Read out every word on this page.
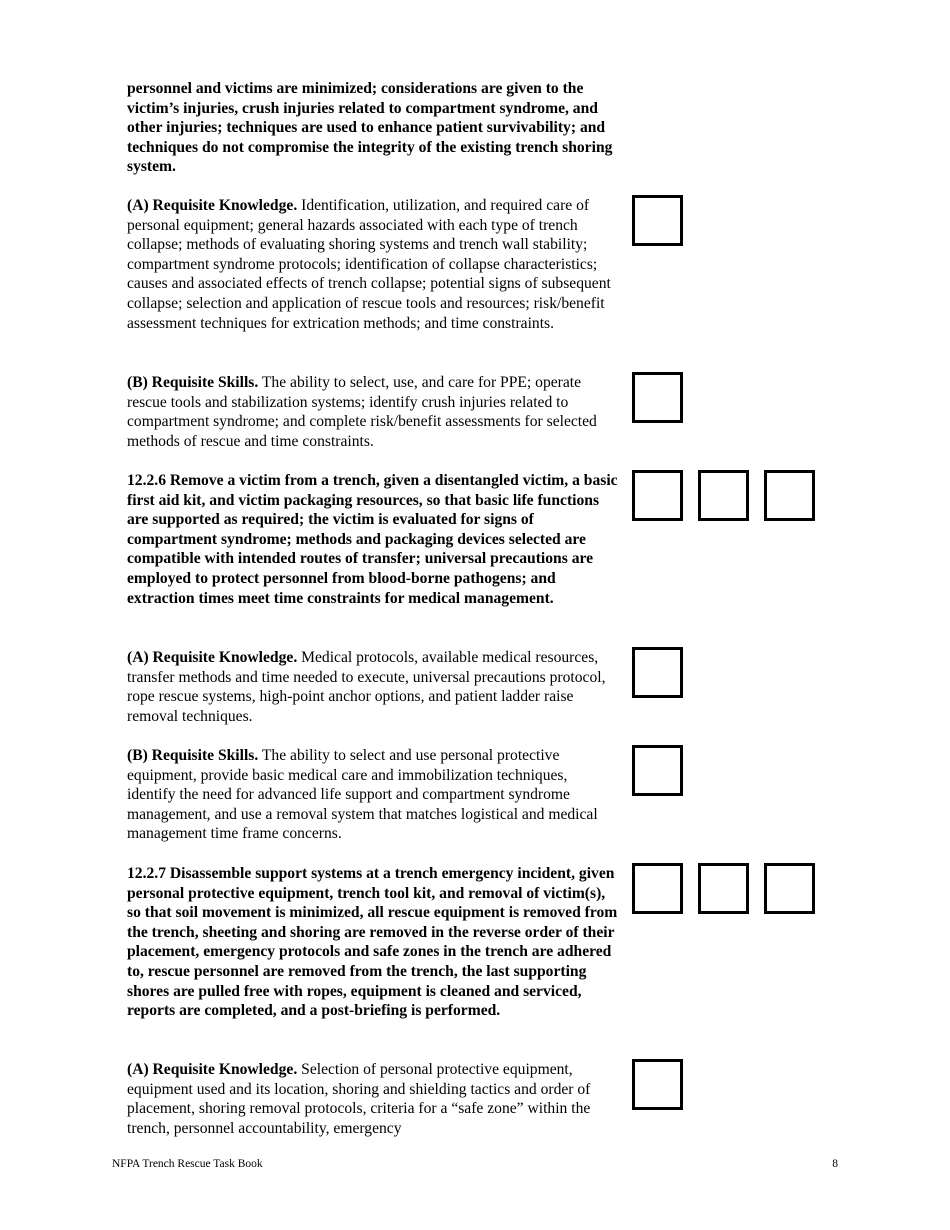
personnel and victims are minimized; considerations are given to the victim’s injuries, crush injuries related to compartment syndrome, and other injuries; techniques are used to enhance patient survivability; and techniques do not compromise the integrity of the existing trench shoring system.
(A) Requisite Knowledge. Identification, utilization, and required care of personal equipment; general hazards associated with each type of trench collapse; methods of evaluating shoring systems and trench wall stability; compartment syndrome protocols; identification of collapse characteristics; causes and associated effects of trench collapse; potential signs of subsequent collapse; selection and application of rescue tools and resources; risk/benefit assessment techniques for extrication methods; and time constraints.
(B) Requisite Skills. The ability to select, use, and care for PPE; operate rescue tools and stabilization systems; identify crush injuries related to compartment syndrome; and complete risk/benefit assessments for selected methods of rescue and time constraints.
12.2.6 Remove a victim from a trench, given a disentangled victim, a basic first aid kit, and victim packaging resources, so that basic life functions are supported as required; the victim is evaluated for signs of compartment syndrome; methods and packaging devices selected are compatible with intended routes of transfer; universal precautions are employed to protect personnel from blood-borne pathogens; and extraction times meet time constraints for medical management.
(A) Requisite Knowledge. Medical protocols, available medical resources, transfer methods and time needed to execute, universal precautions protocol, rope rescue systems, high-point anchor options, and patient ladder raise removal techniques.
(B) Requisite Skills. The ability to select and use personal protective equipment, provide basic medical care and immobilization techniques, identify the need for advanced life support and compartment syndrome management, and use a removal system that matches logistical and medical management time frame concerns.
12.2.7 Disassemble support systems at a trench emergency incident, given personal protective equipment, trench tool kit, and removal of victim(s), so that soil movement is minimized, all rescue equipment is removed from the trench, sheeting and shoring are removed in the reverse order of their placement, emergency protocols and safe zones in the trench are adhered to, rescue personnel are removed from the trench, the last supporting shores are pulled free with ropes, equipment is cleaned and serviced, reports are completed, and a post-briefing is performed.
(A) Requisite Knowledge. Selection of personal protective equipment, equipment used and its location, shoring and shielding tactics and order of placement, shoring removal protocols, criteria for a “safe zone” within the trench, personnel accountability, emergency
NFPA Trench Rescue Task Book	8
